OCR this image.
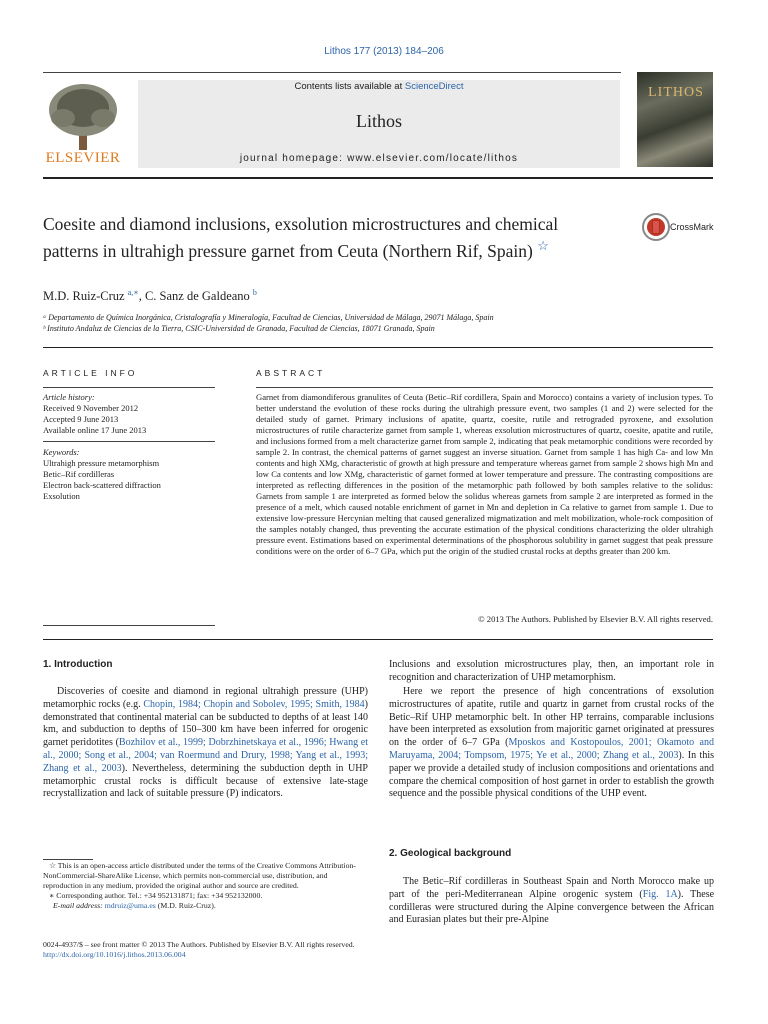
Lithos 177 (2013) 184–206
ELSEVIER
Contents lists available at ScienceDirect
Lithos
journal homepage: www.elsevier.com/locate/lithos
LITHOS
Coesite and diamond inclusions, exsolution microstructures and chemical patterns in ultrahigh pressure garnet from Ceuta (Northern Rif, Spain) ☆
CrossMark
M.D. Ruiz-Cruz $^{a,∗}$, C. Sanz de Galdeano $^b$
ᵃ Departamento de Química Inorgánica, Cristalografía y Mineralogía, Facultad de Ciencias, Universidad de Málaga, 29071 Málaga, Spain
ᵇ Instituto Andaluz de Ciencias de la Tierra, CSIC-Universidad de Granada, Facultad de Ciencias, 18071 Granada, Spain
ARTICLE INFO	ABSTRACT
Article history:
Received 9 November 2012
Accepted 9 June 2013
Available online 17 June 2013
Keywords:
Ultrahigh pressure metamorphism
Betic–Rif cordilleras
Electron back-scattered diffraction
Exsolution
Garnet from diamondiferous granulites of Ceuta (Betic–Rif cordillera, Spain and Morocco) contains a variety of inclusion types. To better understand the evolution of these rocks during the ultrahigh pressure event, two samples (1 and 2) were selected for the detailed study of garnet. Primary inclusions of apatite, quartz, coesite, rutile and retrograded pyroxene, and exsolution microstructures of rutile characterize garnet from sample 1, whereas exsolution microstructures of quartz, coesite, apatite and rutile, and inclusions formed from a melt characterize garnet from sample 2, indicating that peak metamorphic conditions were recorded by sample 2. In contrast, the chemical patterns of garnet suggest an inverse situation. Garnet from sample 1 has high Ca- and low Mn contents and high XMg, characteristic of growth at high pressure and temperature whereas garnet from sample 2 shows high Mn and low Ca contents and low XMg, characteristic of garnet formed at lower temperature and pressure. The contrasting compositions are interpreted as reflecting differences in the position of the metamorphic path followed by both samples relative to the solidus: Garnets from sample 1 are interpreted as formed below the solidus whereas garnets from sample 2 are interpreted as formed in the presence of a melt, which caused notable enrichment of garnet in Mn and depletion in Ca relative to garnet from sample 1. Due to extensive low-pressure Hercynian melting that caused generalized migmatization and melt mobilization, whole-rock composition of the samples notably changed, thus preventing the accurate estimation of the physical conditions characterizing the older ultrahigh pressure event. Estimations based on experimental determinations of the phosphorous solubility in garnet suggest that peak pressure conditions were on the order of 6–7 GPa, which put the origin of the studied crustal rocks at depths greater than 200 km.
© 2013 The Authors. Published by Elsevier B.V. All rights reserved.
1. Introduction
Discoveries of coesite and diamond in regional ultrahigh pressure (UHP) metamorphic rocks (e.g. Chopin, 1984; Chopin and Sobolev, 1995; Smith, 1984) demonstrated that continental material can be subducted to depths of at least 140 km, and subduction to depths of 150–300 km have been inferred for orogenic garnet peridotites (Bozhilov et al., 1999; Dobrzhinetskaya et al., 1996; Hwang et al., 2000; Song et al., 2004; van Roermund and Drury, 1998; Yang et al., 1993; Zhang et al., 2003). Nevertheless, determining the subduction depth in UHP metamorphic crustal rocks is difficult because of extensive late-stage recrystallization and lack of suitable pressure (P) indicators.
Inclusions and exsolution microstructures play, then, an important role in recognition and characterization of UHP metamorphism.
Here we report the presence of high concentrations of exsolution microstructures of apatite, rutile and quartz in garnet from crustal rocks of the Betic–Rif UHP metamorphic belt. In other HP terrains, comparable inclusions have been interpreted as exsolution from majoritic garnet originated at pressures on the order of 6–7 GPa (Mposkos and Kostopoulos, 2001; Okamoto and Maruyama, 2004; Tompsom, 1975; Ye et al., 2000; Zhang et al., 2003). In this paper we provide a detailed study of inclusion compositions and orientations and compare the chemical composition of host garnet in order to establish the growth sequence and the possible physical conditions of the UHP event.
2. Geological background
The Betic–Rif cordilleras in Southeast Spain and North Morocco make up part of the peri-Mediterranean Alpine orogenic system (Fig. 1A). These cordilleras were structured during the Alpine convergence between the African and Eurasian plates but their pre-Alpine
☆ This is an open-access article distributed under the terms of the Creative Commons Attribution-NonCommercial-ShareAlike License, which permits non-commercial use, distribution, and reproduction in any medium, provided the original author and source are credited.
∗ Corresponding author. Tel.: +34 952131871; fax: +34 952132000.
E-mail address: mdruiz@uma.es (M.D. Ruiz-Cruz).
0024-4937/$ – see front matter © 2013 The Authors. Published by Elsevier B.V. All rights reserved.
http://dx.doi.org/10.1016/j.lithos.2013.06.004
